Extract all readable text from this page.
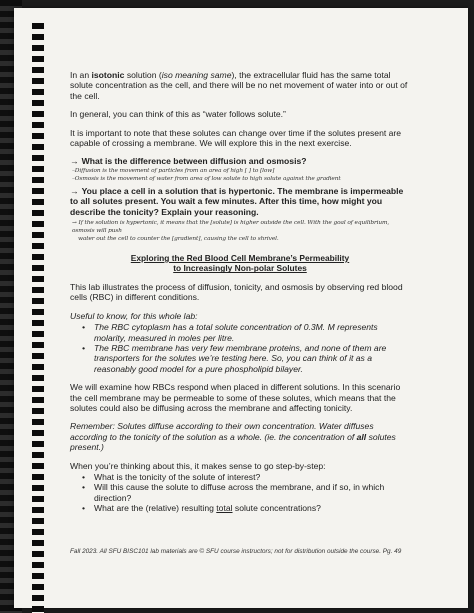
In an isotonic solution (iso meaning same), the extracellular fluid has the same total solute concentration as the cell, and there will be no net movement of water into or out of the cell.

In general, you can think of this as “water follows solute.”

It is important to note that these solutes can change over time if the solutes present are capable of crossing a membrane. We will explore this in the next exercise.

→ What is the difference between diffusion and osmosis?
–Diffusion is the movement of particles from an area of high [ ] to [low]
–Osmosis is the movement of water from area of low solute to high solute against the gradient
→ You place a cell in a solution that is hypertonic. The membrane is impermeable to all solutes present. You wait a few minutes. After this time, how might you describe the tonicity? Explain your reasoning.
→ If the solution is hypertonic, it means that the [solute] is higher outside the cell. With the goal of equilibrium, osmosis will push
water out the cell to counter the [gradient], causing the cell to shrivel.
Exploring the Red Blood Cell Membrane’s Permeability
to Increasingly Non-polar Solutes

This lab illustrates the process of diffusion, tonicity, and osmosis by observing red blood cells (RBC) in different conditions.

Useful to know, for this whole lab:

• The RBC cytoplasm has a total solute concentration of 0.3M. M represents molarity, measured in moles per litre.
• The RBC membrane has very few membrane proteins, and none of them are transporters for the solutes we’re testing here. So, you can think of it as a reasonably good model for a pure phospholipid bilayer.

We will examine how RBCs respond when placed in different solutions. In this scenario the cell membrane may be permeable to some of these solutes, which means that the solutes could also be diffusing across the membrane and affecting tonicity.

Remember: Solutes diffuse according to their own concentration. Water diffuses according to the tonicity of the solution as a whole. (ie. the concentration of all solutes present.)

When you’re thinking about this, it makes sense to go step-by-step:

• What is the tonicity of the solute of interest?
• Will this cause the solute to diffuse across the membrane, and if so, in which direction?
• What are the (relative) resulting total solute concentrations?
Fall 2023. All SFU BISC101 lab materials are © SFU course instructors; not for distribution outside the course. Pg. 49
